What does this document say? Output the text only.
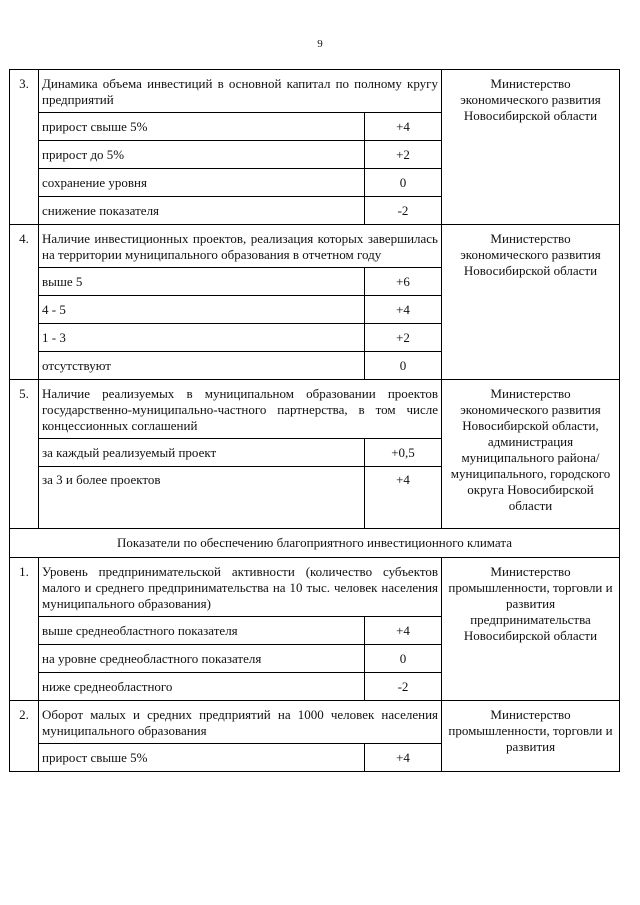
9
3.	Динамика объема инвестиций в основной капитал по полному кругу предприятий		Министерство экономического развития Новосибирской области
	прирост свыше 5%	+4	
	прирост до 5%	+2	
	сохранение уровня	0	
	снижение показателя	-2	
4.	Наличие инвестиционных проектов, реализация которых завершилась на территории муниципального образования в отчетном году		Министерство экономического развития Новосибирской области
	выше 5	+6	
	4 - 5	+4	
	1 - 3	+2	
	отсутствуют	0	
5.	Наличие реализуемых в муниципальном образовании проектов государственно-муниципально-частного партнерства, в том числе концессионных соглашений		Министерство экономического развития Новосибирской области, администрация муниципального района/муниципального, городского округа Новосибирской области
	за каждый реализуемый проект	+0,5	
	за 3 и более проектов	+4	
Показатели по обеспечению благоприятного инвестиционного климата			
1.	Уровень предпринимательской активности (количество субъектов малого и среднего предпринимательства на 10 тыс. человек населения муниципального образования)		Министерство промышленности, торговли и развития предпринимательства Новосибирской области
	выше среднеобластного показателя	+4	
	на уровне среднеобластного показателя	0	
	ниже среднеобластного	-2	
2.	Оборот малых и средних предприятий на 1000 человек населения муниципального образования		Министерство промышленности, торговли и развития
	прирост свыше 5%	+4	
